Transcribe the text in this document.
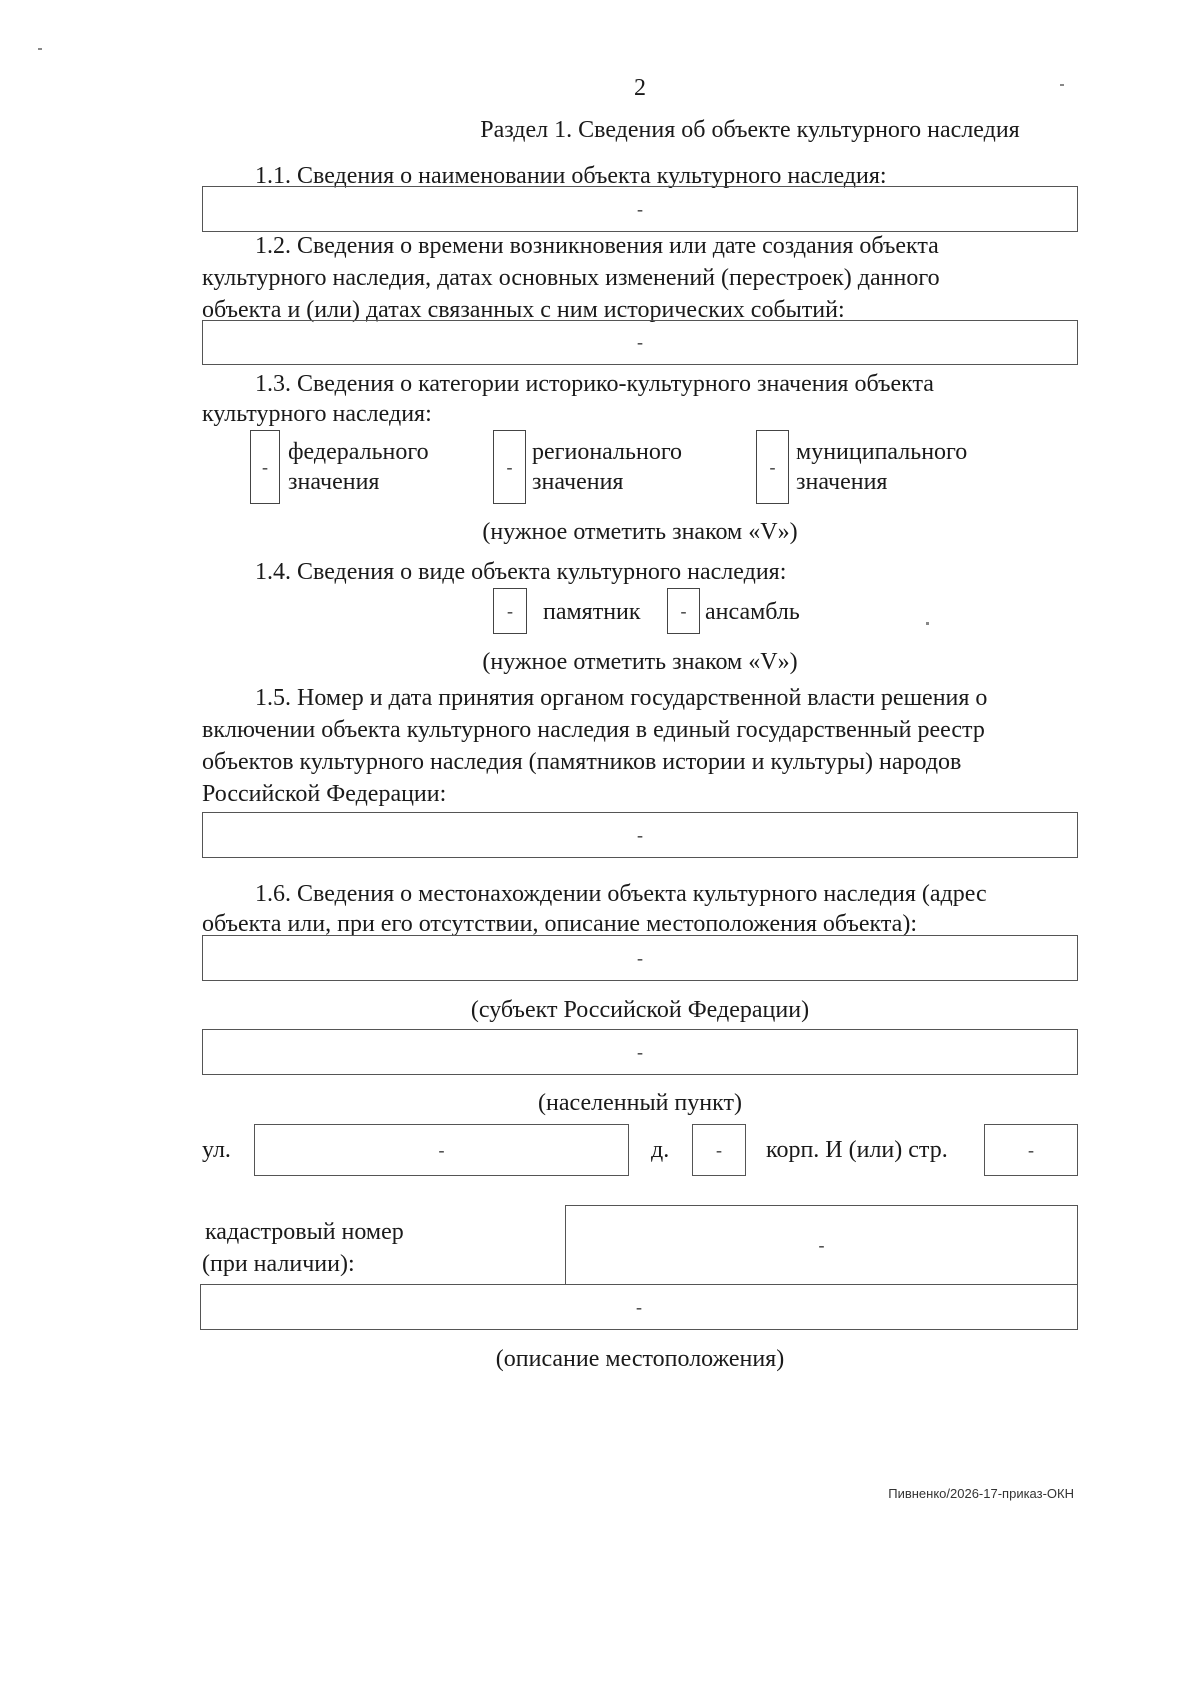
2
Раздел 1. Сведения об объекте культурного наследия
1.1. Сведения о наименовании объекта культурного наследия:
-
1.2. Сведения о времени возникновения или дате создания объекта
культурного наследия, датах основных изменений (перестроек) данного
объекта и (или) датах связанных с ним исторических событий:
-
1.3. Сведения о категории историко-культурного значения объекта
культурного наследия:
-
федерального
значения
-
регионального
значения
-
муниципального
значения
(нужное отметить знаком «V»)
1.4. Сведения о виде объекта культурного наследия:
-	памятник	- ансамбль
(нужное отметить знаком «V»)
1.5. Номер и дата принятия органом государственной власти решения о
включении объекта культурного наследия в единый государственный реестр
объектов культурного наследия (памятников истории и культуры) народов
Российской Федерации:
-
1.6. Сведения о местонахождении объекта культурного наследия (адрес
объекта или, при его отсутствии, описание местоположения объекта):
-
(субъект Российской Федерации)
-
(населенный пункт)
ул.	-	д.	-	корп. И (или) стр.	-
кадастровый номер
(при наличии):
-
-
(описание местоположения)
Пивненко/2026-17-приказ-ОКН
